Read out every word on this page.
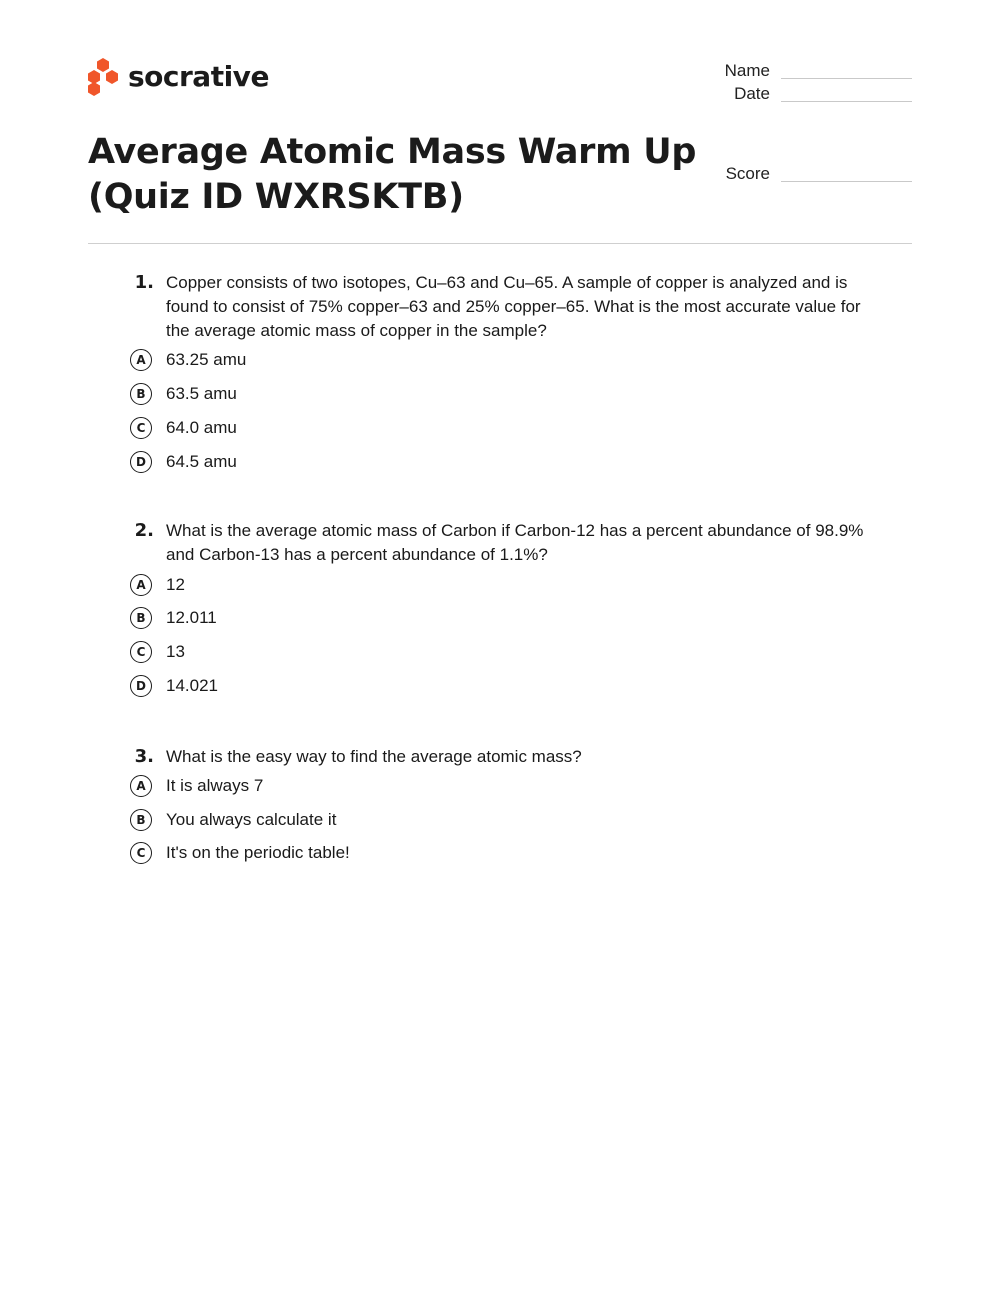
socrative	Name
Date
Score
Average Atomic Mass Warm Up (Quiz ID WXRSKTB)
1. Copper consists of two isotopes, Cu–63 and Cu–65. A sample of copper is analyzed and is found to consist of 75% copper–63 and 25% copper–65. What is the most accurate value for the average atomic mass of copper in the sample?
A	63.25 amu
B	63.5 amu
C	64.0 amu
D	64.5 amu
2. What is the average atomic mass of Carbon if Carbon-12 has a percent abundance of 98.9% and Carbon-13 has a percent abundance of 1.1%?
A	12
B	12.011
C	13
D	14.021
3. What is the easy way to find the average atomic mass?
A	It is always 7
B	You always calculate it
C	It's on the periodic table!
